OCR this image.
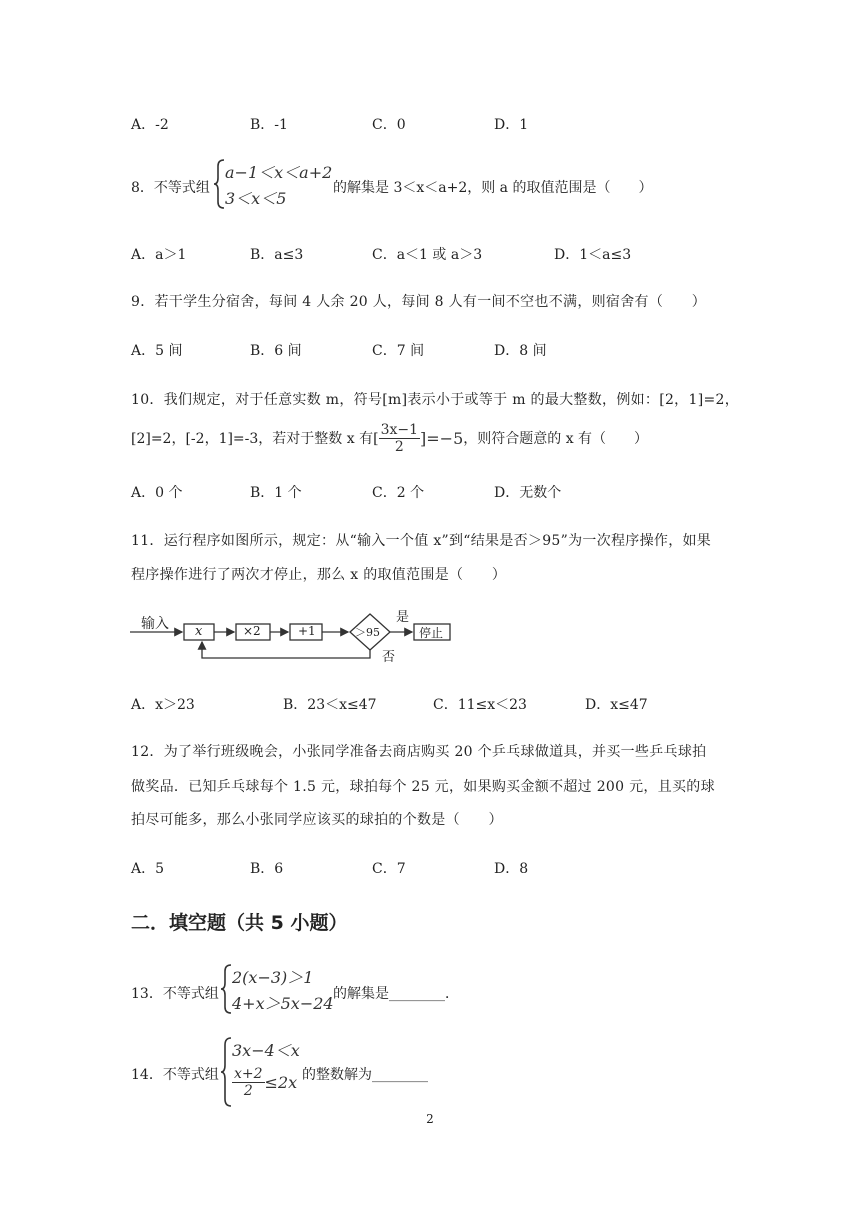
A．-2	B．-1	C．0	D．1
8．不等式组
a−1＜x＜a+2
3＜x＜5
的解集是 3＜x＜a+2，则 a 的取值范围是（　　）
A．a＞1	B．a≤3	C．a＜1 或 a＞3	D．1＜a≤3
9．若干学生分宿舍，每间 4 人余 20 人，每间 8 人有一间不空也不满，则宿舍有（　　）
A．5 间	B．6 间	C．7 间	D．8 间
10．我们规定，对于任意实数 m，符号[m]表示小于或等于 m 的最大整数，例如：[2，1]=2，
[2]=2，[-2，1]=-3，若对于整数 x 有[ $\frac{3x-1}{2} ]=-5$ ，则符合题意的 x 有（　　）
A．0 个	B．1 个	C．2 个	D．无数个
11．运行程序如图所示，规定：从“输入一个值 x”到“结果是否＞95”为一次程序操作，如果
程序操作进行了两次才停止，那么 x 的取值范围是（　　）
输入 x	×2	+1	＞95
是
否
停止
A．x＞23	B．23＜x≤47	C．11≤x＜23	D．x≤47
12．为了举行班级晚会，小张同学准备去商店购买 20 个乒乓球做道具，并买一些乒乓球拍
做奖品．已知乒乓球每个 1.5 元，球拍每个 25 元，如果购买金额不超过 200 元，且买的球
拍尽可能多，那么小张同学应该买的球拍的个数是（　　）
A．5	B．6	C．7	D．8
二．填空题（共 5 小题）
13．不等式组
2(x−3)＞1
4+x＞5x−24 的解集是________．
14．不等式组
3x−4＜x
$\frac{x+2}{2} \le 2x$ 的整数解为________
2
